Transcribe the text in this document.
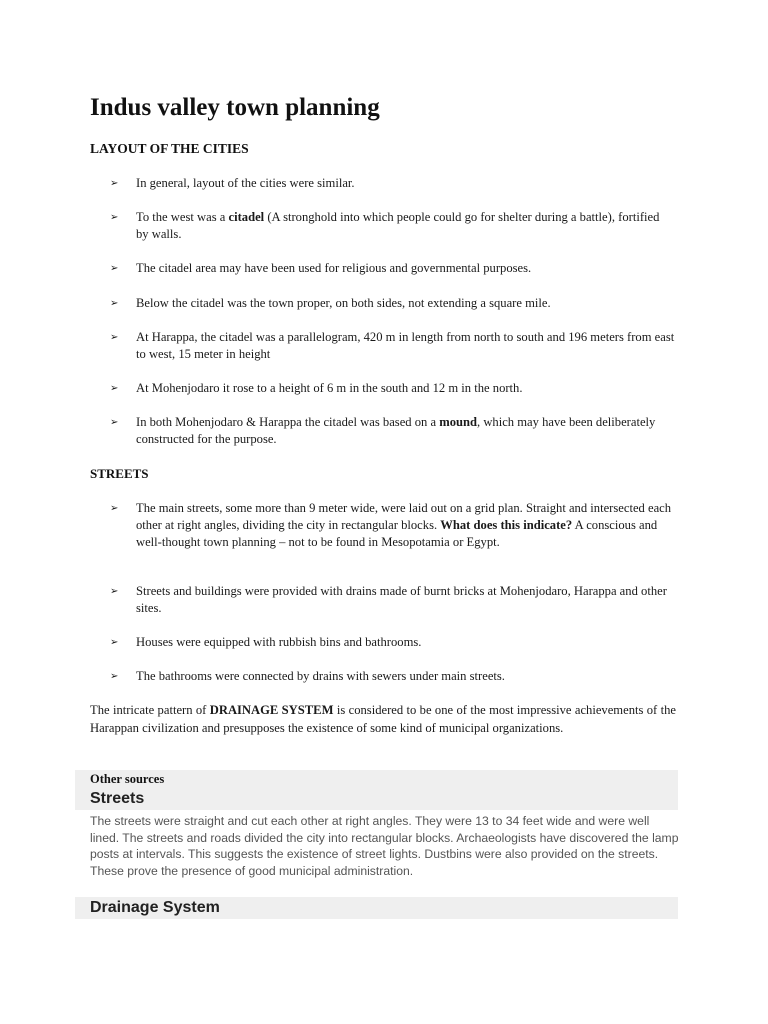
Indus valley town planning
LAYOUT OF THE CITIES
➢	In general, layout of the cities were similar.
➢	To the west was a citadel (A stronghold into which people could go for shelter during a battle), fortified by walls.
➢	The citadel area may have been used for religious and governmental purposes.
➢	Below the citadel was the town proper, on both sides, not extending a square mile.
➢	At Harappa, the citadel was a parallelogram, 420 m in length from north to south and 196 meters from east to west, 15 meter in height
➢	At Mohenjodaro it rose to a height of 6 m in the south and 12 m in the north.
➢	In both Mohenjodaro & Harappa the citadel was based on a mound, which may have been deliberately constructed for the purpose.
STREETS
➢	The main streets, some more than 9 meter wide, were laid out on a grid plan. Straight and intersected each other at right angles, dividing the city in rectangular blocks. What does this indicate? A conscious and well-thought town planning – not to be found in Mesopotamia or Egypt.
➢	Streets and buildings were provided with drains made of burnt bricks at Mohenjodaro, Harappa and other sites.
➢	Houses were equipped with rubbish bins and bathrooms.
➢	The bathrooms were connected by drains with sewers under main streets.

The intricate pattern of DRAINAGE SYSTEM is considered to be one of the most impressive achievements of the Harappan civilization and presupposes the existence of some kind of municipal organizations.

Other sources
Streets

The streets were straight and cut each other at right angles. They were 13 to 34 feet wide and were well lined. The streets and roads divided the city into rectangular blocks. Archaeologists have discovered the lamp posts at intervals. This suggests the existence of street lights. Dustbins were also provided on the streets. These prove the presence of good municipal administration.

Drainage System
